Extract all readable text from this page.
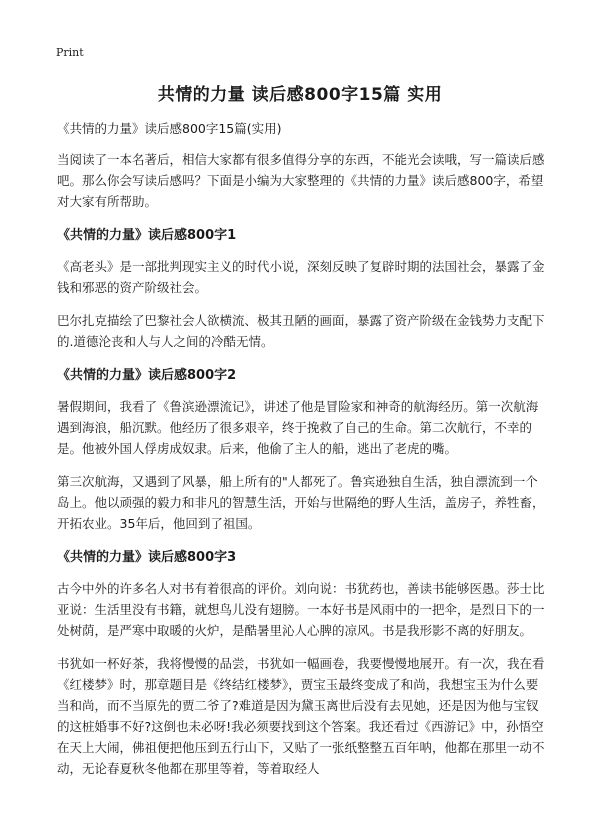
Print
共情的力量 读后感800字15篇 实用

《共情的力量》读后感800字15篇(实用)

当阅读了一本名著后，相信大家都有很多值得分享的东西，不能光会读哦，写一篇读后感吧。那么你会写读后感吗？下面是小编为大家整理的《共情的力量》读后感800字，希望对大家有所帮助。

《共情的力量》读后感800字1

《高老头》是一部批判现实主义的时代小说，深刻反映了复辟时期的法国社会，暴露了金钱和邪恶的资产阶级社会。

巴尔扎克描绘了巴黎社会人欲横流、极其丑陋的画面，暴露了资产阶级在金钱势力支配下的.道德沦丧和人与人之间的冷酷无情。

《共情的力量》读后感800字2

暑假期间，我看了《鲁滨逊漂流记》，讲述了他是冒险家和神奇的航海经历。第一次航海遇到海浪，船沉默。他经历了很多艰辛，终于挽救了自己的生命。第二次航行，不幸的是。他被外国人俘虏成奴隶。后来，他偷了主人的船，逃出了老虎的嘴。

第三次航海，又遇到了风暴，船上所有的"人都死了。鲁宾逊独自生活，独自漂流到一个岛上。他以顽强的毅力和非凡的智慧生活，开始与世隔绝的野人生活，盖房子，养牲畜，开拓农业。35年后，他回到了祖国。

《共情的力量》读后感800字3

古今中外的许多名人对书有着很高的评价。刘向说：书犹药也，善读书能够医愚。莎士比亚说：生活里没有书籍，就想鸟儿没有翅膀。一本好书是风雨中的一把伞，是烈日下的一处树荫，是严寒中取暖的火炉，是酷暑里沁人心脾的凉风。书是我形影不离的好朋友。

书犹如一杯好茶，我将慢慢的品尝，书犹如一幅画卷，我要慢慢地展开。有一次，我在看《红楼梦》时，那章题目是《终结红楼梦》，贾宝玉最终变成了和尚，我想宝玉为什么要当和尚，而不当原先的贾二爷了?难道是因为黛玉离世后没有去见她，还是因为他与宝钗的这桩婚事不好?这倒也未必呀!我必须要找到这个答案。我还看过《西游记》中，孙悟空在天上大闹，佛祖便把他压到五行山下，又贴了一张纸整整五百年呐，他都在那里一动不动，无论春夏秋冬他都在那里等着，等着取经人
